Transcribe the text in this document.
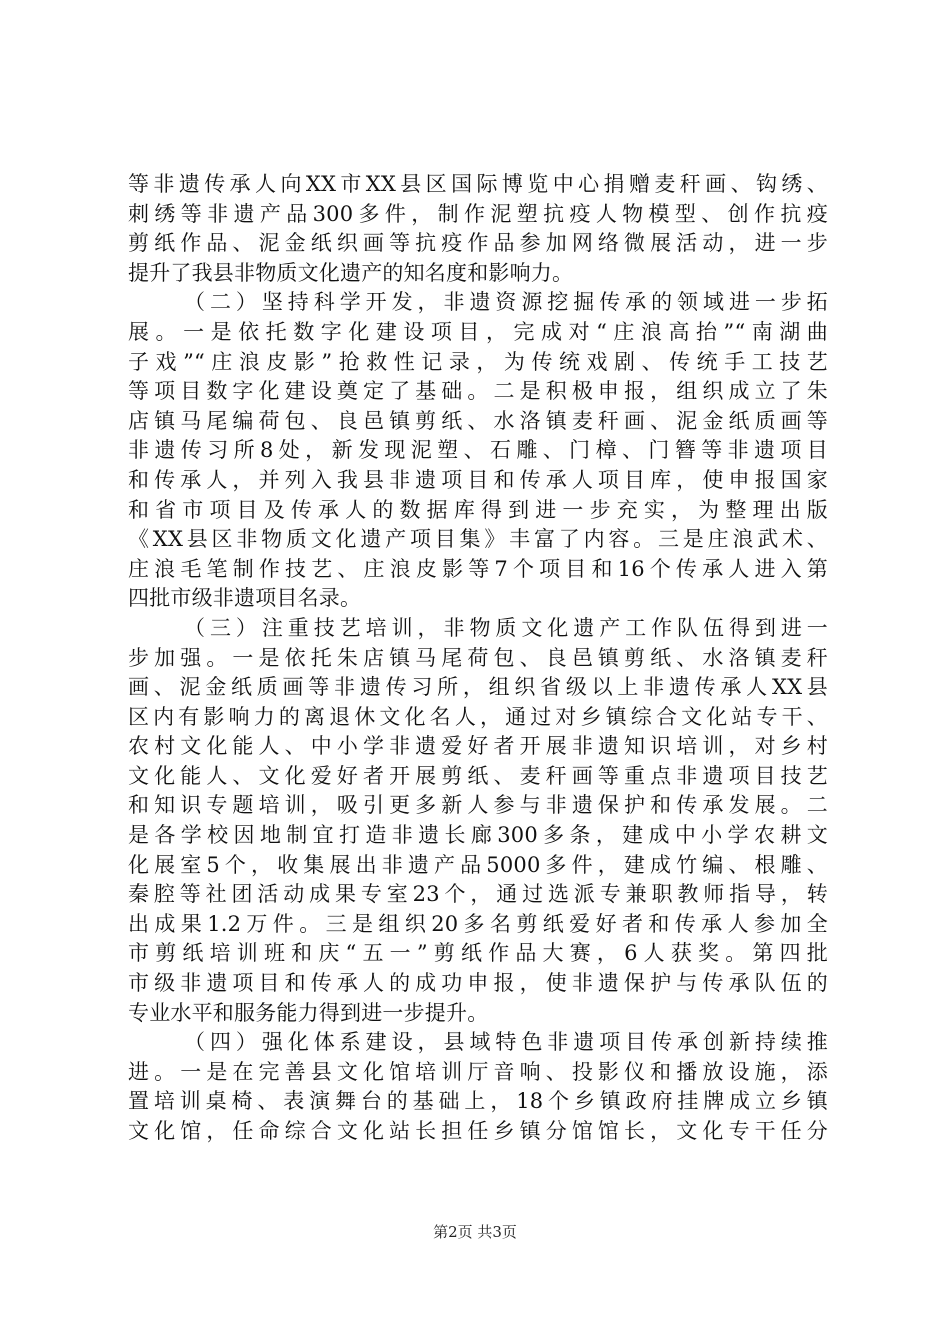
等非遗传承人向XX市XX县区国际博览中心捐赠麦秆画、钩绣、
刺绣等非遗产品300多件，制作泥塑抗疫人物模型、创作抗疫
剪纸作品、泥金纸织画等抗疫作品参加网络微展活动，进一步
提升了我县非物质文化遗产的知名度和影响力。
（二）坚持科学开发，非遗资源挖掘传承的领域进一步拓
展。一是依托数字化建设项目，完成对“庄浪高抬”“南湖曲
子戏”“庄浪皮影”抢救性记录，为传统戏剧、传统手工技艺
等项目数字化建设奠定了基础。二是积极申报，组织成立了朱
店镇马尾编荷包、良邑镇剪纸、水洛镇麦秆画、泥金纸质画等
非遗传习所8处，新发现泥塑、石雕、门樟、门簪等非遗项目
和传承人，并列入我县非遗项目和传承人项目库，使申报国家
和省市项目及传承人的数据库得到进一步充实，为整理出版
《XX县区非物质文化遗产项目集》丰富了内容。三是庄浪武术、
庄浪毛笔制作技艺、庄浪皮影等7个项目和16个传承人进入第
四批市级非遗项目名录。
（三）注重技艺培训，非物质文化遗产工作队伍得到进一
步加强。一是依托朱店镇马尾荷包、良邑镇剪纸、水洛镇麦秆
画、泥金纸质画等非遗传习所，组织省级以上非遗传承人XX县
区内有影响力的离退休文化名人，通过对乡镇综合文化站专干、
农村文化能人、中小学非遗爱好者开展非遗知识培训，对乡村
文化能人、文化爱好者开展剪纸、麦秆画等重点非遗项目技艺
和知识专题培训，吸引更多新人参与非遗保护和传承发展。二
是各学校因地制宜打造非遗长廊300多条，建成中小学农耕文
化展室5个，收集展出非遗产品5000多件，建成竹编、根雕、
秦腔等社团活动成果专室23个，通过选派专兼职教师指导，转
出成果1.2万件。三是组织20多名剪纸爱好者和传承人参加全
市剪纸培训班和庆“五一”剪纸作品大赛，6人获奖。第四批
市级非遗项目和传承人的成功申报，使非遗保护与传承队伍的
专业水平和服务能力得到进一步提升。
（四）强化体系建设，县域特色非遗项目传承创新持续推
进。一是在完善县文化馆培训厅音响、投影仪和播放设施，添
置培训桌椅、表演舞台的基础上，18个乡镇政府挂牌成立乡镇
文化馆，任命综合文化站长担任乡镇分馆馆长，文化专干任分
第2页 共3页
